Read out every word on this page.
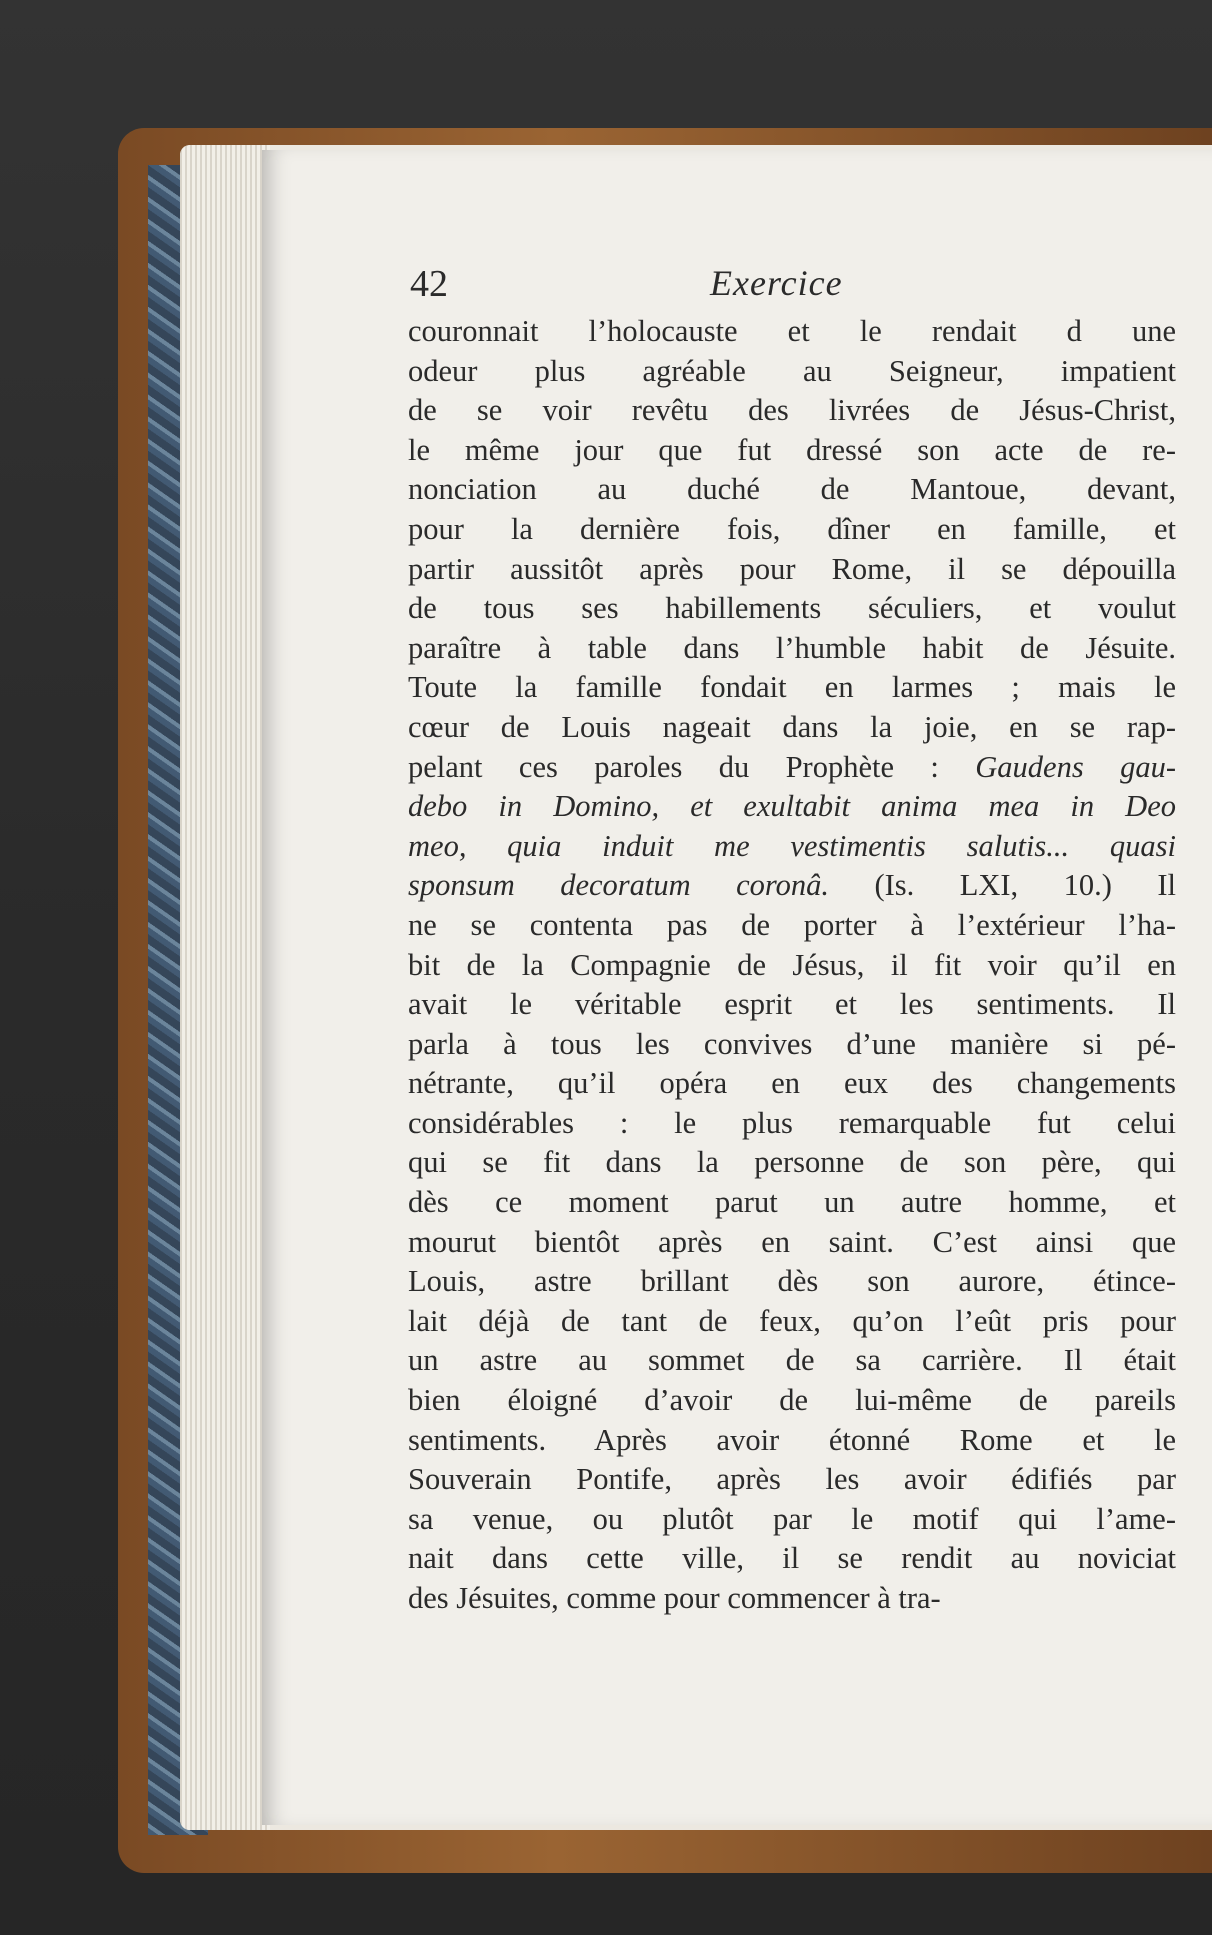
42	Exercice
couronnait l’holocauste et le rendait d une
odeur plus agréable au Seigneur, impatient
de se voir revêtu des livrées de Jésus-Christ,
le même jour que fut dressé son acte de re-
nonciation au duché de Mantoue, devant,
pour la dernière fois, dîner en famille, et
partir aussitôt après pour Rome, il se dépouilla
de tous ses habillements séculiers, et voulut
paraître à table dans l’humble habit de Jésuite.
Toute la famille fondait en larmes ; mais le
cœur de Louis nageait dans la joie, en se rap-
pelant ces paroles du Prophète : Gaudens gau-
debo in Domino, et exultabit anima mea in Deo
meo, quia induit me vestimentis salutis... quasi
sponsum decoratum coronâ. (Is. LXI, 10.) Il
ne se contenta pas de porter à l’extérieur l’ha-
bit de la Compagnie de Jésus, il fit voir qu’il en
avait le véritable esprit et les sentiments. Il
parla à tous les convives d’une manière si pé-
nétrante, qu’il opéra en eux des changements
considérables : le plus remarquable fut celui
qui se fit dans la personne de son père, qui
dès ce moment parut un autre homme, et
mourut bientôt après en saint. C’est ainsi que
Louis, astre brillant dès son aurore, étince-
lait déjà de tant de feux, qu’on l’eût pris pour
un astre au sommet de sa carrière. Il était
bien éloigné d’avoir de lui-même de pareils
sentiments. Après avoir étonné Rome et le
Souverain Pontife, après les avoir édifiés par
sa venue, ou plutôt par le motif qui l’ame-
nait dans cette ville, il se rendit au noviciat
des Jésuites, comme pour commencer à tra-
